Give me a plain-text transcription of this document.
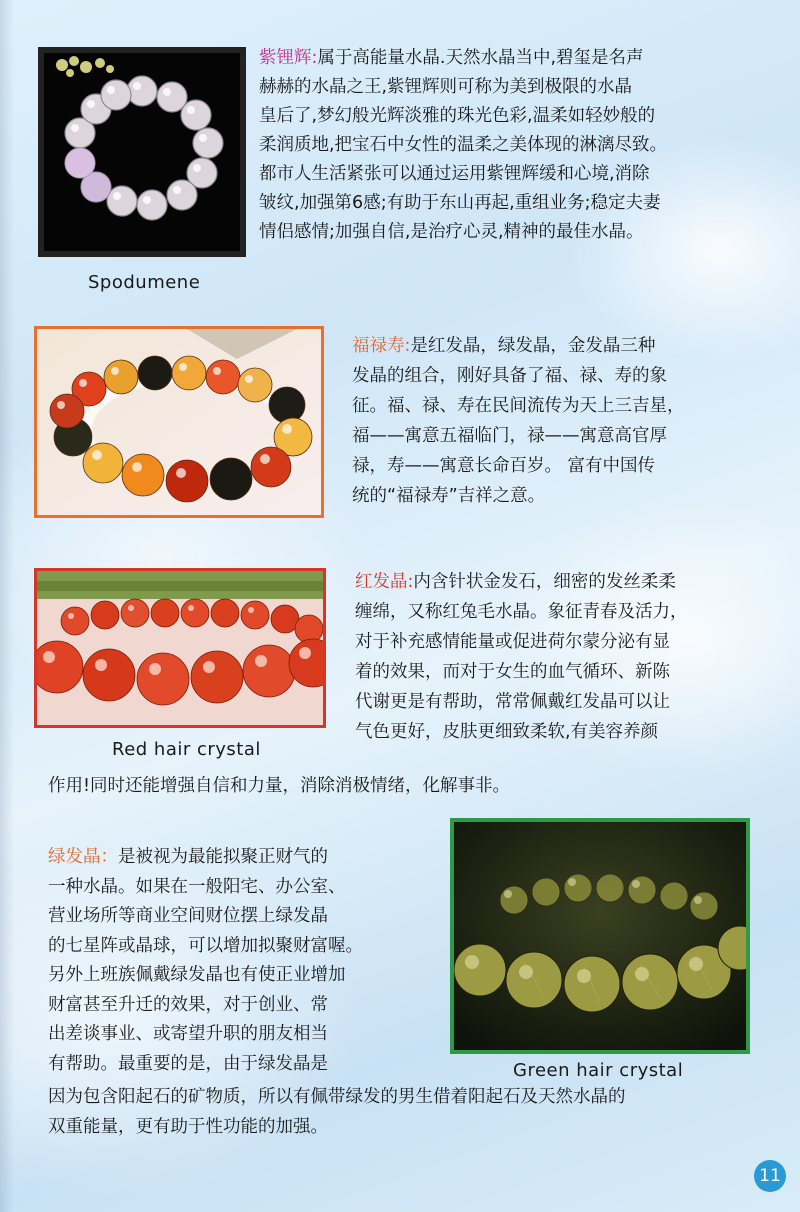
Spodumene
紫锂辉:属于高能量水晶.天然水晶当中,碧玺是名声
赫赫的水晶之王,紫锂辉则可称为美到极限的水晶
皇后了,梦幻般光辉淡雅的珠光色彩,温柔如轻妙般的
柔润质地,把宝石中女性的温柔之美体现的淋漓尽致。
都市人生活紧张可以通过运用紫锂辉缓和心境,消除
皱纹,加强第6感;有助于东山再起,重组业务;稳定夫妻
情侣感情;加强自信,是治疗心灵,精神的最佳水晶。
福禄寿:是红发晶，绿发晶，金发晶三种
发晶的组合，刚好具备了福、禄、寿的象
征。福、禄、寿在民间流传为天上三吉星，
福——寓意五福临门，禄——寓意高官厚
禄，寿——寓意长命百岁。 富有中国传
统的“福禄寿”吉祥之意。
Red hair crystal
红发晶:内含针状金发石，细密的发丝柔柔
缠绵，又称红兔毛水晶。象征青春及活力，
对于补充感情能量或促进荷尔蒙分泌有显
着的效果，而对于女生的血气循环、新陈
代谢更是有帮助，常常佩戴红发晶可以让
气色更好，皮肤更细致柔软,有美容养颜
作用!同时还能增强自信和力量，消除消极情绪，化解事非。
绿发晶：是被视为最能拟聚正财气的
一种水晶。如果在一般阳宅、办公室、
营业场所等商业空间财位摆上绿发晶
的七星阵或晶球，可以增加拟聚财富喔。
另外上班族佩戴绿发晶也有使正业增加
财富甚至升迁的效果，对于创业、常
出差谈事业、或寄望升职的朋友相当
有帮助。最重要的是，由于绿发晶是	Green hair crystal
因为包含阳起石的矿物质，所以有佩带绿发的男生借着阳起石及天然水晶的
双重能量，更有助于性功能的加强。
11
